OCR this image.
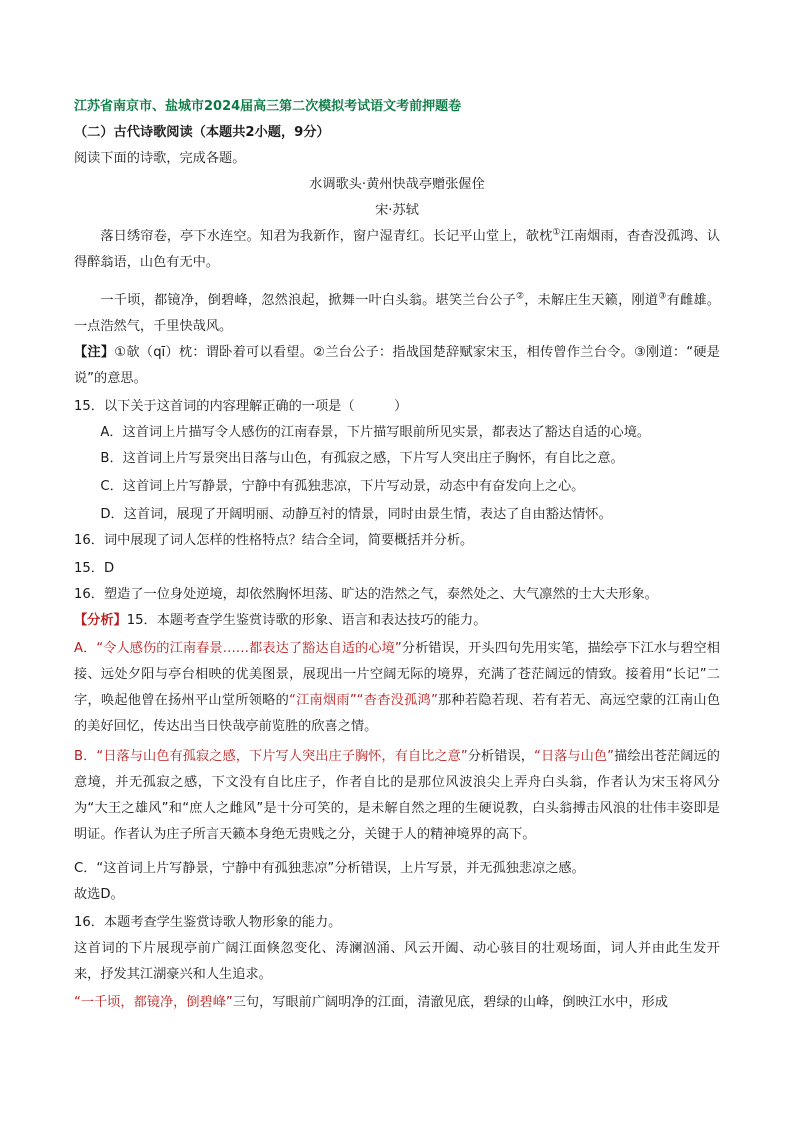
江苏省南京市、盐城市2024届高三第二次模拟考试语文考前押题卷

（二）古代诗歌阅读（本题共2小题，9分）

阅读下面的诗歌，完成各题。

水调歌头·黄州快哉亭赠张偓佺

宋·苏轼

落日绣帘卷，亭下水连空。知君为我新作，窗户湿青红。长记平山堂上，欹枕①江南烟雨，杳杳没孤鸿、认得醉翁语，山色有无中。

一千顷，都镜净，倒碧峰，忽然浪起，掀舞一叶白头翁。堪笑兰台公子②，未解庄生天籁，刚道③有雌雄。一点浩然气，千里快哉风。

【注】①欹（qī）枕：谓卧着可以看望。②兰台公子：指战国楚辞赋家宋玉，相传曾作兰台令。③刚道：“硬是说”的意思。

15．以下关于这首词的内容理解正确的一项是（　　　）

A．这首词上片描写令人感伤的江南春景，下片描写眼前所见实景，都表达了豁达自适的心境。

B．这首词上片写景突出日落与山色，有孤寂之感，下片写人突出庄子胸怀，有自比之意。

C．这首词上片写静景，宁静中有孤独悲凉，下片写动景，动态中有奋发向上之心。

D．这首词，展现了开阔明丽、动静互衬的情景，同时由景生情，表达了自由豁达情怀。

16．词中展现了词人怎样的性格特点？结合全词，简要概括并分析。

15．D

16．塑造了一位身处逆境，却依然胸怀坦荡、旷达的浩然之气，泰然处之、大气凛然的士大夫形象。

【分析】15．本题考查学生鉴赏诗歌的形象、语言和表达技巧的能力。

A．“令人感伤的江南春景……都表达了豁达自适的心境”分析错误，开头四句先用实笔，描绘亭下江水与碧空相接、远处夕阳与亭台相映的优美图景，展现出一片空阔无际的境界，充满了苍茫阔远的情致。接着用“长记”二字，唤起他曾在扬州平山堂所领略的“江南烟雨”“杳杳没孤鸿”那种若隐若现、若有若无、高远空蒙的江南山色的美好回忆，传达出当日快哉亭前览胜的欣喜之情。

B．“日落与山色有孤寂之感，下片写人突出庄子胸怀，有自比之意”分析错误，“日落与山色”描绘出苍茫阔远的意境，并无孤寂之感，下文没有自比庄子，作者自比的是那位风波浪尖上弄舟白头翁，作者认为宋玉将风分为“大王之雄风”和“庶人之雌风”是十分可笑的，是未解自然之理的生硬说教，白头翁搏击风浪的壮伟丰姿即是明证。作者认为庄子所言天籁本身绝无贵贱之分，关键于人的精神境界的高下。

C．“这首词上片写静景，宁静中有孤独悲凉”分析错误，上片写景，并无孤独悲凉之感。

故选D。

16．本题考查学生鉴赏诗歌人物形象的能力。

这首词的下片展现亭前广阔江面倏忽变化、涛澜汹涌、风云开阖、动心骇目的壮观场面，词人并由此生发开来，抒发其江湖豪兴和人生追求。

“一千顷，都镜净，倒碧峰”三句，写眼前广阔明净的江面，清澈见底，碧绿的山峰，倒映江水中，形成
